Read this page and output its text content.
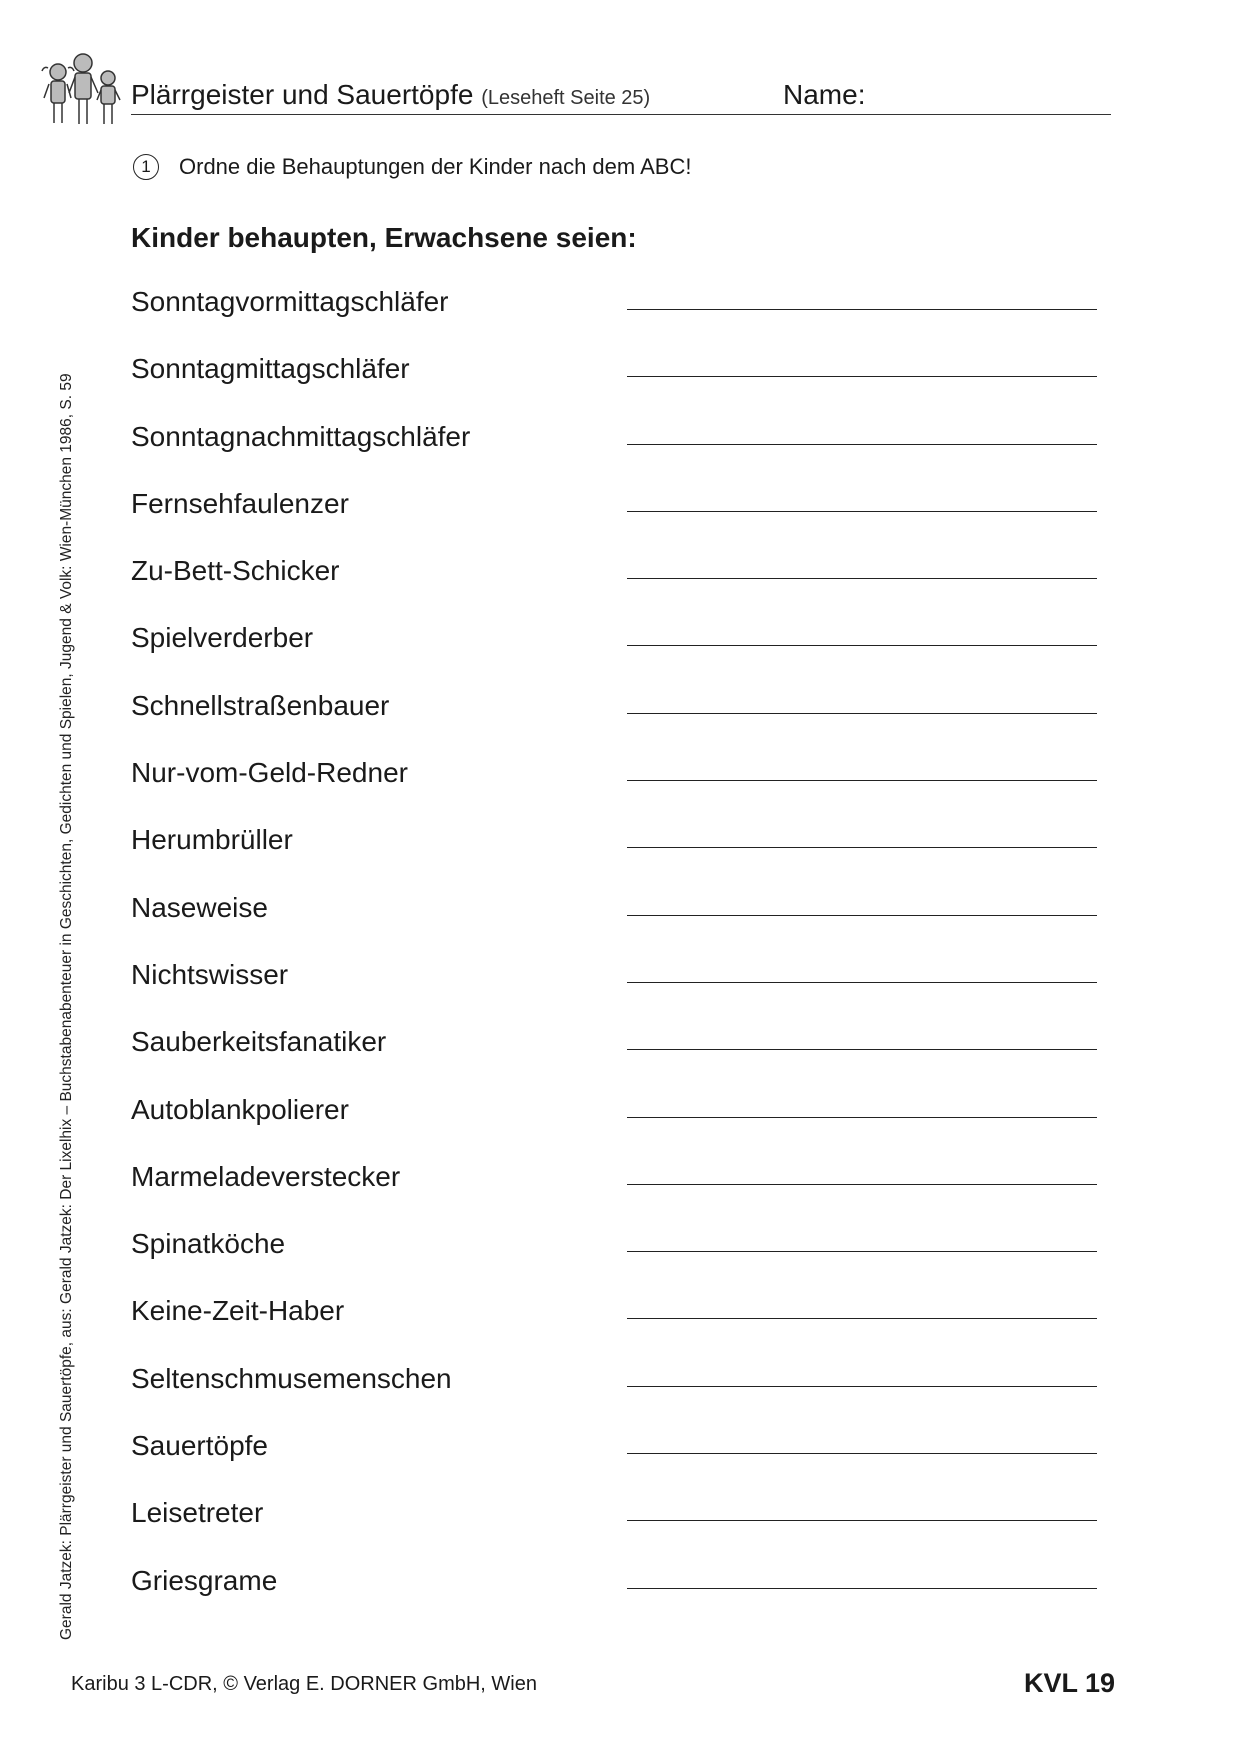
Plärrgeister und Sauertöpfe (Leseheft Seite 25)	Name:
1	Ordne die Behauptungen der Kinder nach dem ABC!
Kinder behaupten, Erwachsene seien:
Sonntagvormittagschläfer
Sonntagmittagschläfer
Sonntagnachmittagschläfer
Fernsehfaulenzer
Zu-Bett-Schicker
Spielverderber
Schnellstraßenbauer
Nur-vom-Geld-Redner
Herumbrüller
Naseweise
Nichtswisser
Sauberkeitsfanatiker
Autoblankpolierer
Marmeladeverstecker
Spinatköche
Keine-Zeit-Haber
Seltenschmusemenschen
Sauertöpfe
Leisetreter
Griesgrame
Gerald Jatzek: Plärrgeister und Sauertöpfe, aus: Gerald Jatzek: Der Lixelhix – Buchstabenabenteuer in Geschichten, Gedichten und Spielen, Jugend & Volk: Wien-München 1986, S. 59
Karibu 3 L-CDR, © Verlag E. DORNER GmbH, Wien	KVL 19
